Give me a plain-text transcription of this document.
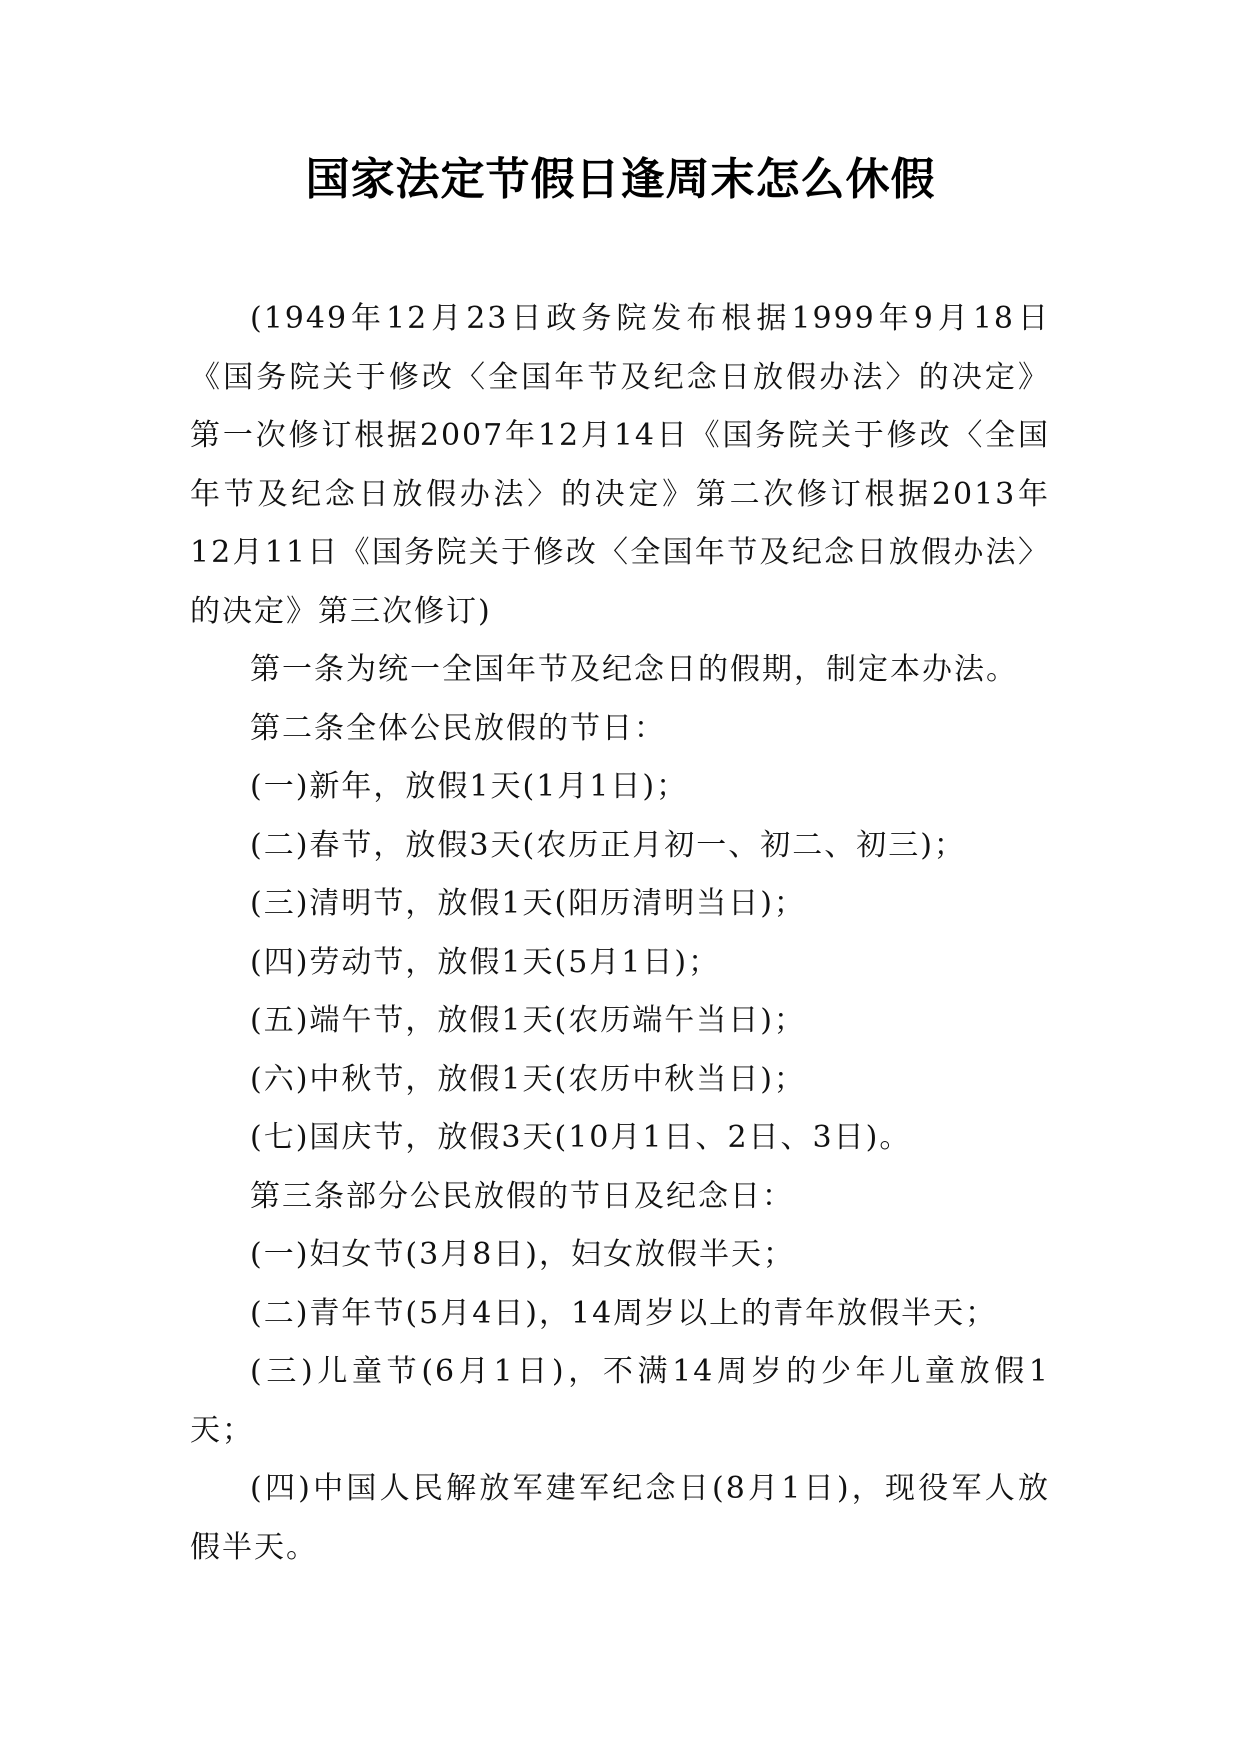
国家法定节假日逢周末怎么休假

(1949年12月23日政务院发布根据1999年9月18日《国务院关于修改〈全国年节及纪念日放假办法〉的决定》第一次修订根据2007年12月14日《国务院关于修改〈全国年节及纪念日放假办法〉的决定》第二次修订根据2013年12月11日《国务院关于修改〈全国年节及纪念日放假办法〉的决定》第三次修订)

第一条为统一全国年节及纪念日的假期，制定本办法。

第二条全体公民放假的节日：

(一)新年，放假1天(1月1日)；

(二)春节，放假3天(农历正月初一、初二、初三)；

(三)清明节，放假1天(阳历清明当日)；

(四)劳动节，放假1天(5月1日)；

(五)端午节，放假1天(农历端午当日)；

(六)中秋节，放假1天(农历中秋当日)；

(七)国庆节，放假3天(10月1日、2日、3日)。

第三条部分公民放假的节日及纪念日：

(一)妇女节(3月8日)，妇女放假半天；

(二)青年节(5月4日)，14周岁以上的青年放假半天；

(三)儿童节(6月1日)，不满14周岁的少年儿童放假1天；

(四)中国人民解放军建军纪念日(8月1日)，现役军人放假半天。
